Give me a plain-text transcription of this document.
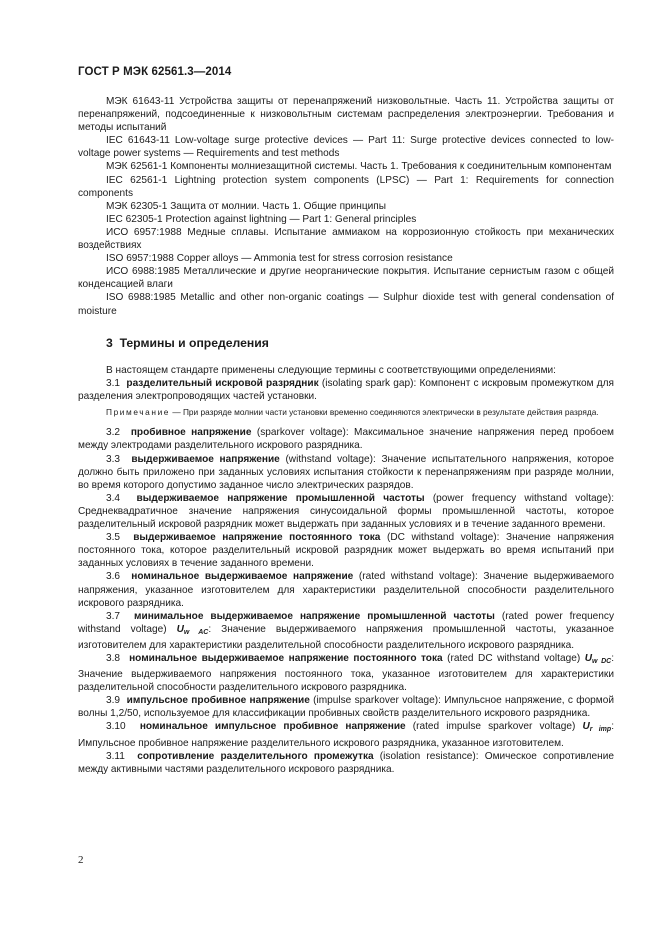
ГОСТ Р МЭК 62561.3—2014

МЭК 61643-11 Устройства защиты от перенапряжений низковольтные. Часть 11. Устройства защиты от перенапряжений, подсоединенные к низковольтным системам распределения электроэнергии. Требования и методы испытаний

IEC 61643-11 Low-voltage surge protective devices — Part 11: Surge protective devices connected to low-voltage power systems — Requirements and test methods

МЭК 62561-1 Компоненты молниезащитной системы. Часть 1. Требования к соединительным компонентам

IEC 62561-1 Lightning protection system components (LPSC) — Part 1: Requirements for connection components

МЭК 62305-1 Защита от молнии. Часть 1. Общие принципы

IEC 62305-1 Protection against lightning — Part 1: General principles

ИСО 6957:1988 Медные сплавы. Испытание аммиаком на коррозионную стойкость при механических воздействиях

ISO 6957:1988 Copper alloys — Ammonia test for stress corrosion resistance

ИСО 6988:1985 Металлические и другие неорганические покрытия. Испытание сернистым газом с общей конденсацией влаги

ISO 6988:1985 Metallic and other non-organic coatings — Sulphur dioxide test with general condensation of moisture

3 Термины и определения

В настоящем стандарте применены следующие термины с соответствующими определениями:

3.1 разделительный искровой разрядник (isolating spark gap): Компонент с искровым промежутком для разделения электропроводящих частей установки.

Примечание — При разряде молнии части установки временно соединяются электрически в результате действия разряда.

3.2 пробивное напряжение (sparkover voltage): Максимальное значение напряжения перед пробоем между электродами разделительного искрового разрядника.

3.3 выдерживаемое напряжение (withstand voltage): Значение испытательного напряжения, которое должно быть приложено при заданных условиях испытания стойкости к перенапряжениям при разряде молнии, во время которого допустимо заданное число электрических разрядов.

3.4 выдерживаемое напряжение промышленной частоты (power frequency withstand voltage): Среднеквадратичное значение напряжения синусоидальной формы промышленной частоты, которое разделительный искровой разрядник может выдержать при заданных условиях и в течение заданного времени.

3.5 выдерживаемое напряжение постоянного тока (DC withstand voltage): Значение напряжения постоянного тока, которое разделительный искровой разрядник может выдержать во время испытаний при заданных условиях в течение заданного времени.

3.6 номинальное выдерживаемое напряжение (rated withstand voltage): Значение выдерживаемого напряжения, указанное изготовителем для характеристики разделительной способности разделительного искрового разрядника.

3.7 минимальное выдерживаемое напряжение промышленной частоты (rated power frequency withstand voltage) $U_{w AC}$: Значение выдерживаемого напряжения промышленной частоты, указанное изготовителем для характеристики разделительной способности разделительного искрового разрядника.

3.8 номинальное выдерживаемое напряжение постоянного тока (rated DC withstand voltage) $U_{w DC}$: Значение выдерживаемого напряжения постоянного тока, указанное изготовителем для характеристики разделительной способности разделительного искрового разрядника.

3.9 импульсное пробивное напряжение (impulse sparkover voltage): Импульсное напряжение, с формой волны 1,2/50, используемое для классификации пробивных свойств разделительного искрового разрядника.

3.10 номинальное импульсное пробивное напряжение (rated impulse sparkover voltage) $U_{r imp}$: Импульсное пробивное напряжение разделительного искрового разрядника, указанное изготовителем.

3.11 сопротивление разделительного промежутка (isolation resistance): Омическое сопротивление между активными частями разделительного искрового разрядника.

2
